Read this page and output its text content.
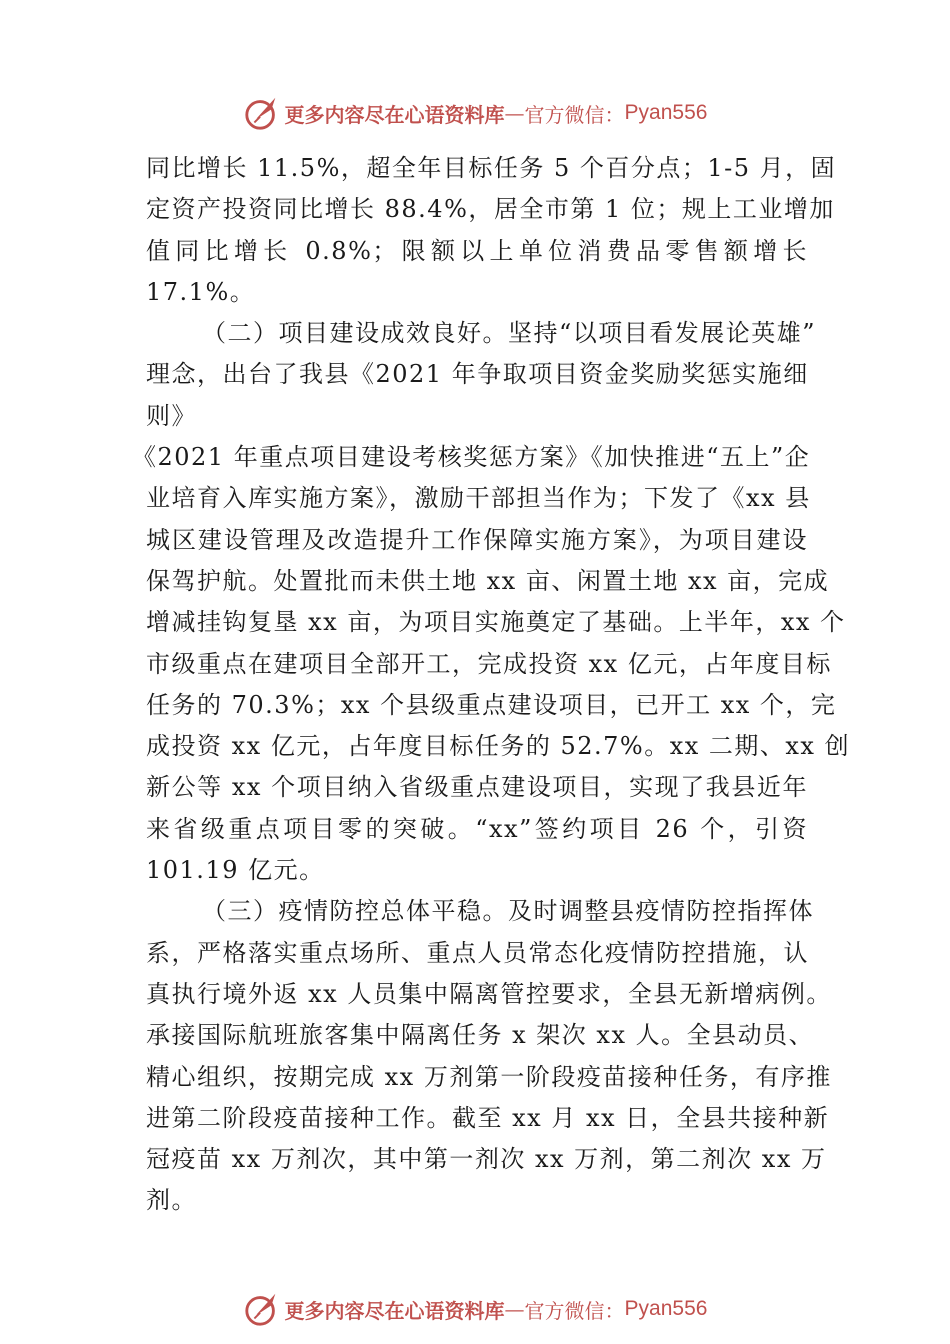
更多内容尽在心语资料库 — 官方微信： Pyan556
同比增长 11.5%，超全年目标任务 5 个百分点；1-5 月，固
定资产投资同比增长 88.4%，居全市第 1 位；规上工业增加
值同比增长 0.8%；限额以上单位消费品零售额增长
17.1%。
（二）项目建设成效良好。坚持“以项目看发展论英雄”
理念，出台了我县《2021 年争取项目资金奖励奖惩实施细
则》
《2021 年重点项目建设考核奖惩方案》《加快推进“五上”企
业培育入库实施方案》，激励干部担当作为；下发了《xx 县
城区建设管理及改造提升工作保障实施方案》，为项目建设
保驾护航。处置批而未供土地 xx 亩、闲置土地 xx 亩，完成
增减挂钩复垦 xx 亩，为项目实施奠定了基础。上半年，xx 个
市级重点在建项目全部开工，完成投资 xx 亿元，占年度目标
任务的 70.3%；xx 个县级重点建设项目，已开工 xx 个，完
成投资 xx 亿元，占年度目标任务的 52.7%。xx 二期、xx 创
新公等 xx 个项目纳入省级重点建设项目，实现了我县近年
来省级重点项目零的突破。“xx”签约项目 26 个，引资
101.19 亿元。
（三）疫情防控总体平稳。及时调整县疫情防控指挥体
系，严格落实重点场所、重点人员常态化疫情防控措施，认
真执行境外返 xx 人员集中隔离管控要求，全县无新增病例。
承接国际航班旅客集中隔离任务 x 架次 xx 人。全县动员、
精心组织，按期完成 xx 万剂第一阶段疫苗接种任务，有序推
进第二阶段疫苗接种工作。截至 xx 月 xx 日，全县共接种新
冠疫苗 xx 万剂次，其中第一剂次 xx 万剂，第二剂次 xx 万
剂。
更多内容尽在心语资料库 — 官方微信： Pyan556
